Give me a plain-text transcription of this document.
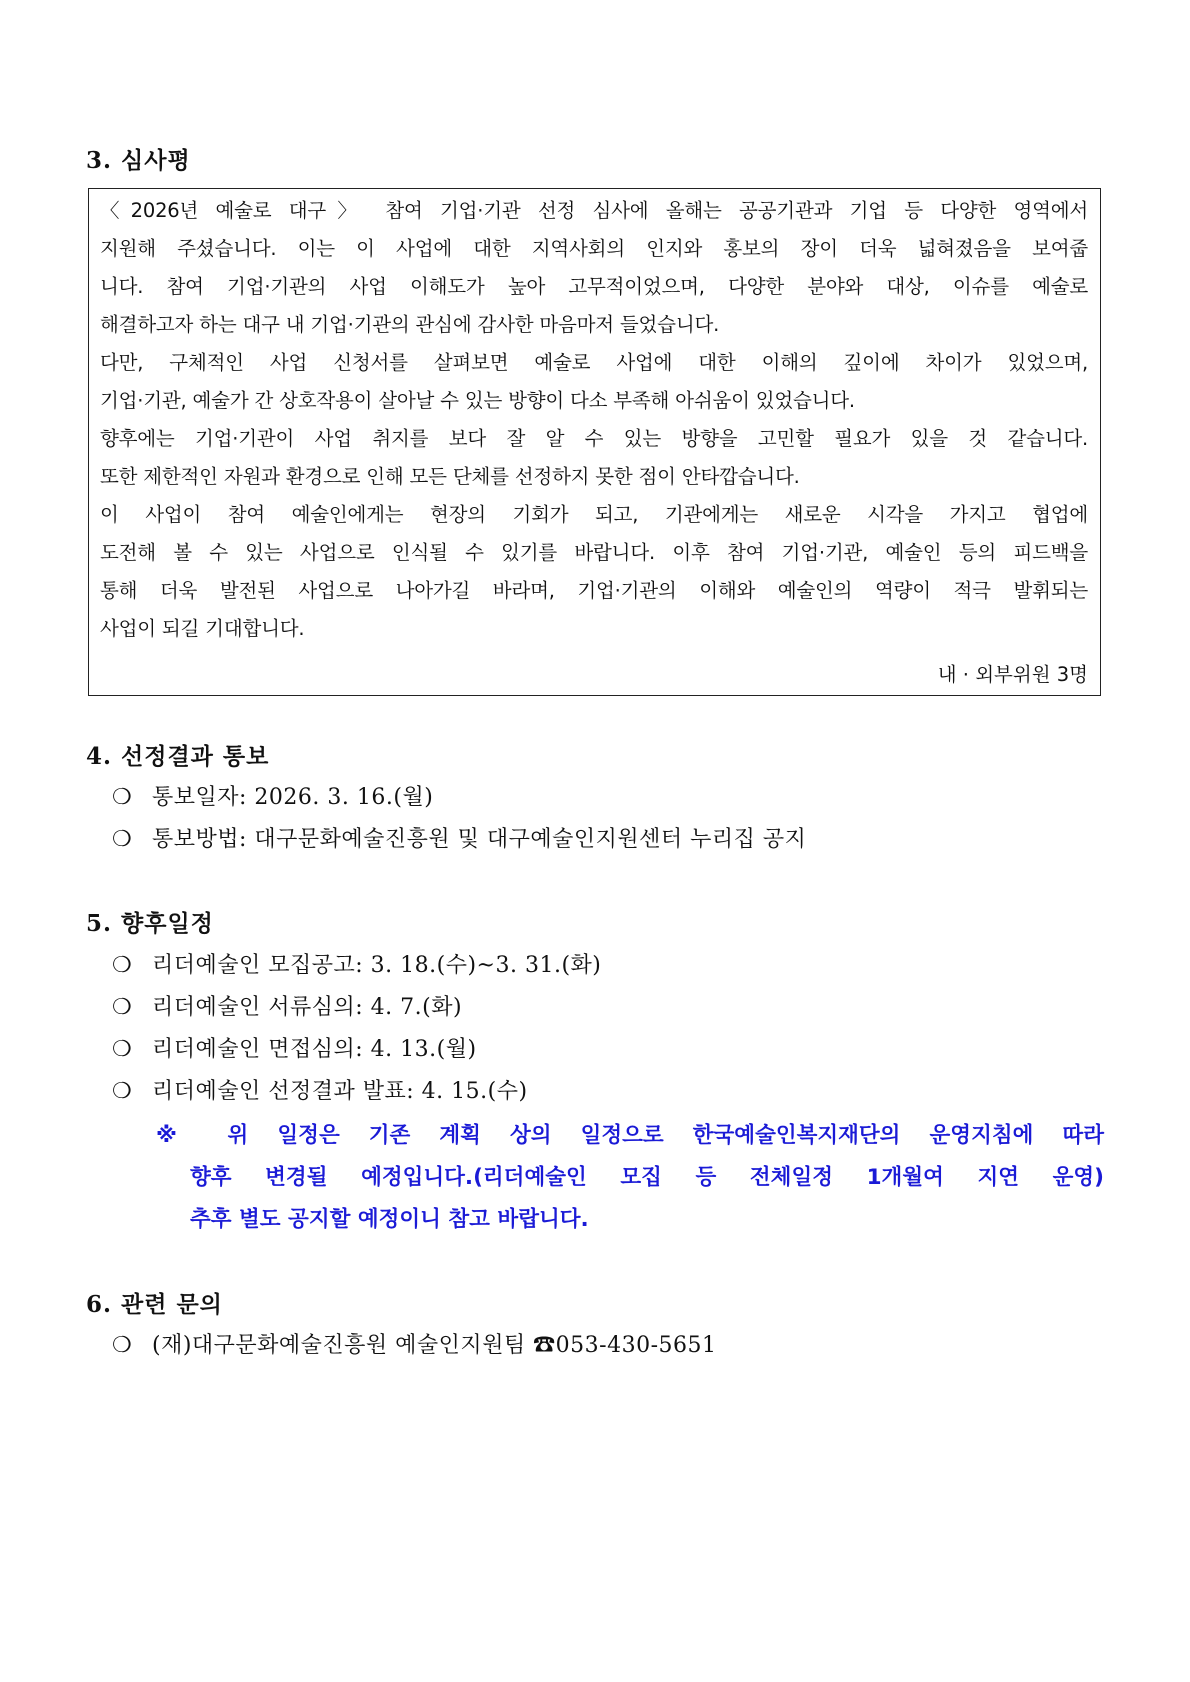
3. 심사평
〈2026년 예술로 대구〉 참여 기업·기관 선정 심사에 올해는 공공기관과 기업 등 다양한 영역에서
지원해 주셨습니다. 이는 이 사업에 대한 지역사회의 인지와 홍보의 장이 더욱 넓혀졌음을 보여줍
니다. 참여 기업·기관의 사업 이해도가 높아 고무적이었으며, 다양한 분야와 대상, 이슈를 예술로
해결하고자 하는 대구 내 기업·기관의 관심에 감사한 마음마저 들었습니다.
다만, 구체적인 사업 신청서를 살펴보면 예술로 사업에 대한 이해의 깊이에 차이가 있었으며,
기업·기관, 예술가 간 상호작용이 살아날 수 있는 방향이 다소 부족해 아쉬움이 있었습니다.
향후에는 기업·기관이 사업 취지를 보다 잘 알 수 있는 방향을 고민할 필요가 있을 것 같습니다.
또한 제한적인 자원과 환경으로 인해 모든 단체를 선정하지 못한 점이 안타깝습니다.
이 사업이 참여 예술인에게는 현장의 기회가 되고, 기관에게는 새로운 시각을 가지고 협업에
도전해 볼 수 있는 사업으로 인식될 수 있기를 바랍니다. 이후 참여 기업·기관, 예술인 등의 피드백을
통해 더욱 발전된 사업으로 나아가길 바라며, 기업·기관의 이해와 예술인의 역량이 적극 발휘되는
사업이 되길 기대합니다.
내 · 외부위원 3명
4. 선정결과 통보
❍ 통보일자: 2026. 3. 16.(월)
❍ 통보방법: 대구문화예술진흥원 및 대구예술인지원센터 누리집 공지
5. 향후일정
❍ 리더예술인 모집공고: 3. 18.(수)~3. 31.(화)
❍ 리더예술인 서류심의: 4. 7.(화)
❍ 리더예술인 면접심의: 4. 13.(월)
❍ 리더예술인 선정결과 발표: 4. 15.(수)
※ 위 일정은 기존 계획 상의 일정으로 한국예술인복지재단의 운영지침에 따라
향후 변경될 예정입니다.(리더예술인 모집 등 전체일정 1개월여 지연 운영)
추후 별도 공지할 예정이니 참고 바랍니다.
6. 관련 문의
❍ (재)대구문화예술진흥원 예술인지원팀 ☎053-430-5651
